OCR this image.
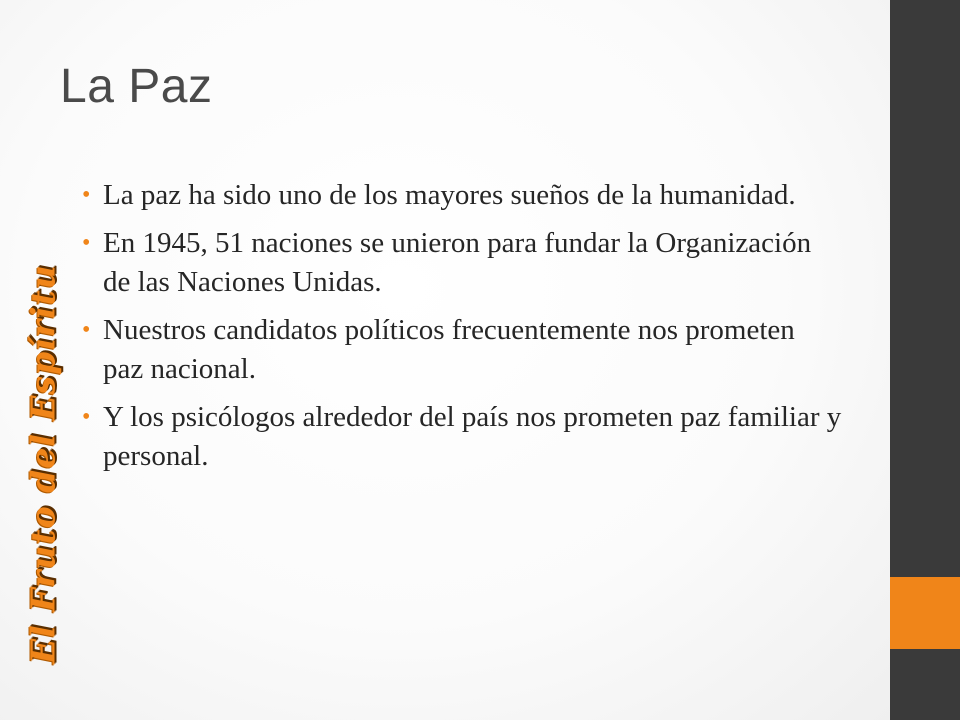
La Paz
• La paz ha sido uno de los mayores sueños de la humanidad.
• En 1945, 51 naciones se unieron para fundar la Organización de las Naciones Unidas.
• Nuestros candidatos políticos frecuentemente nos prometen paz nacional.
• Y los psicólogos alrededor del país nos prometen paz familiar y personal.
El Fruto del Espíritu
